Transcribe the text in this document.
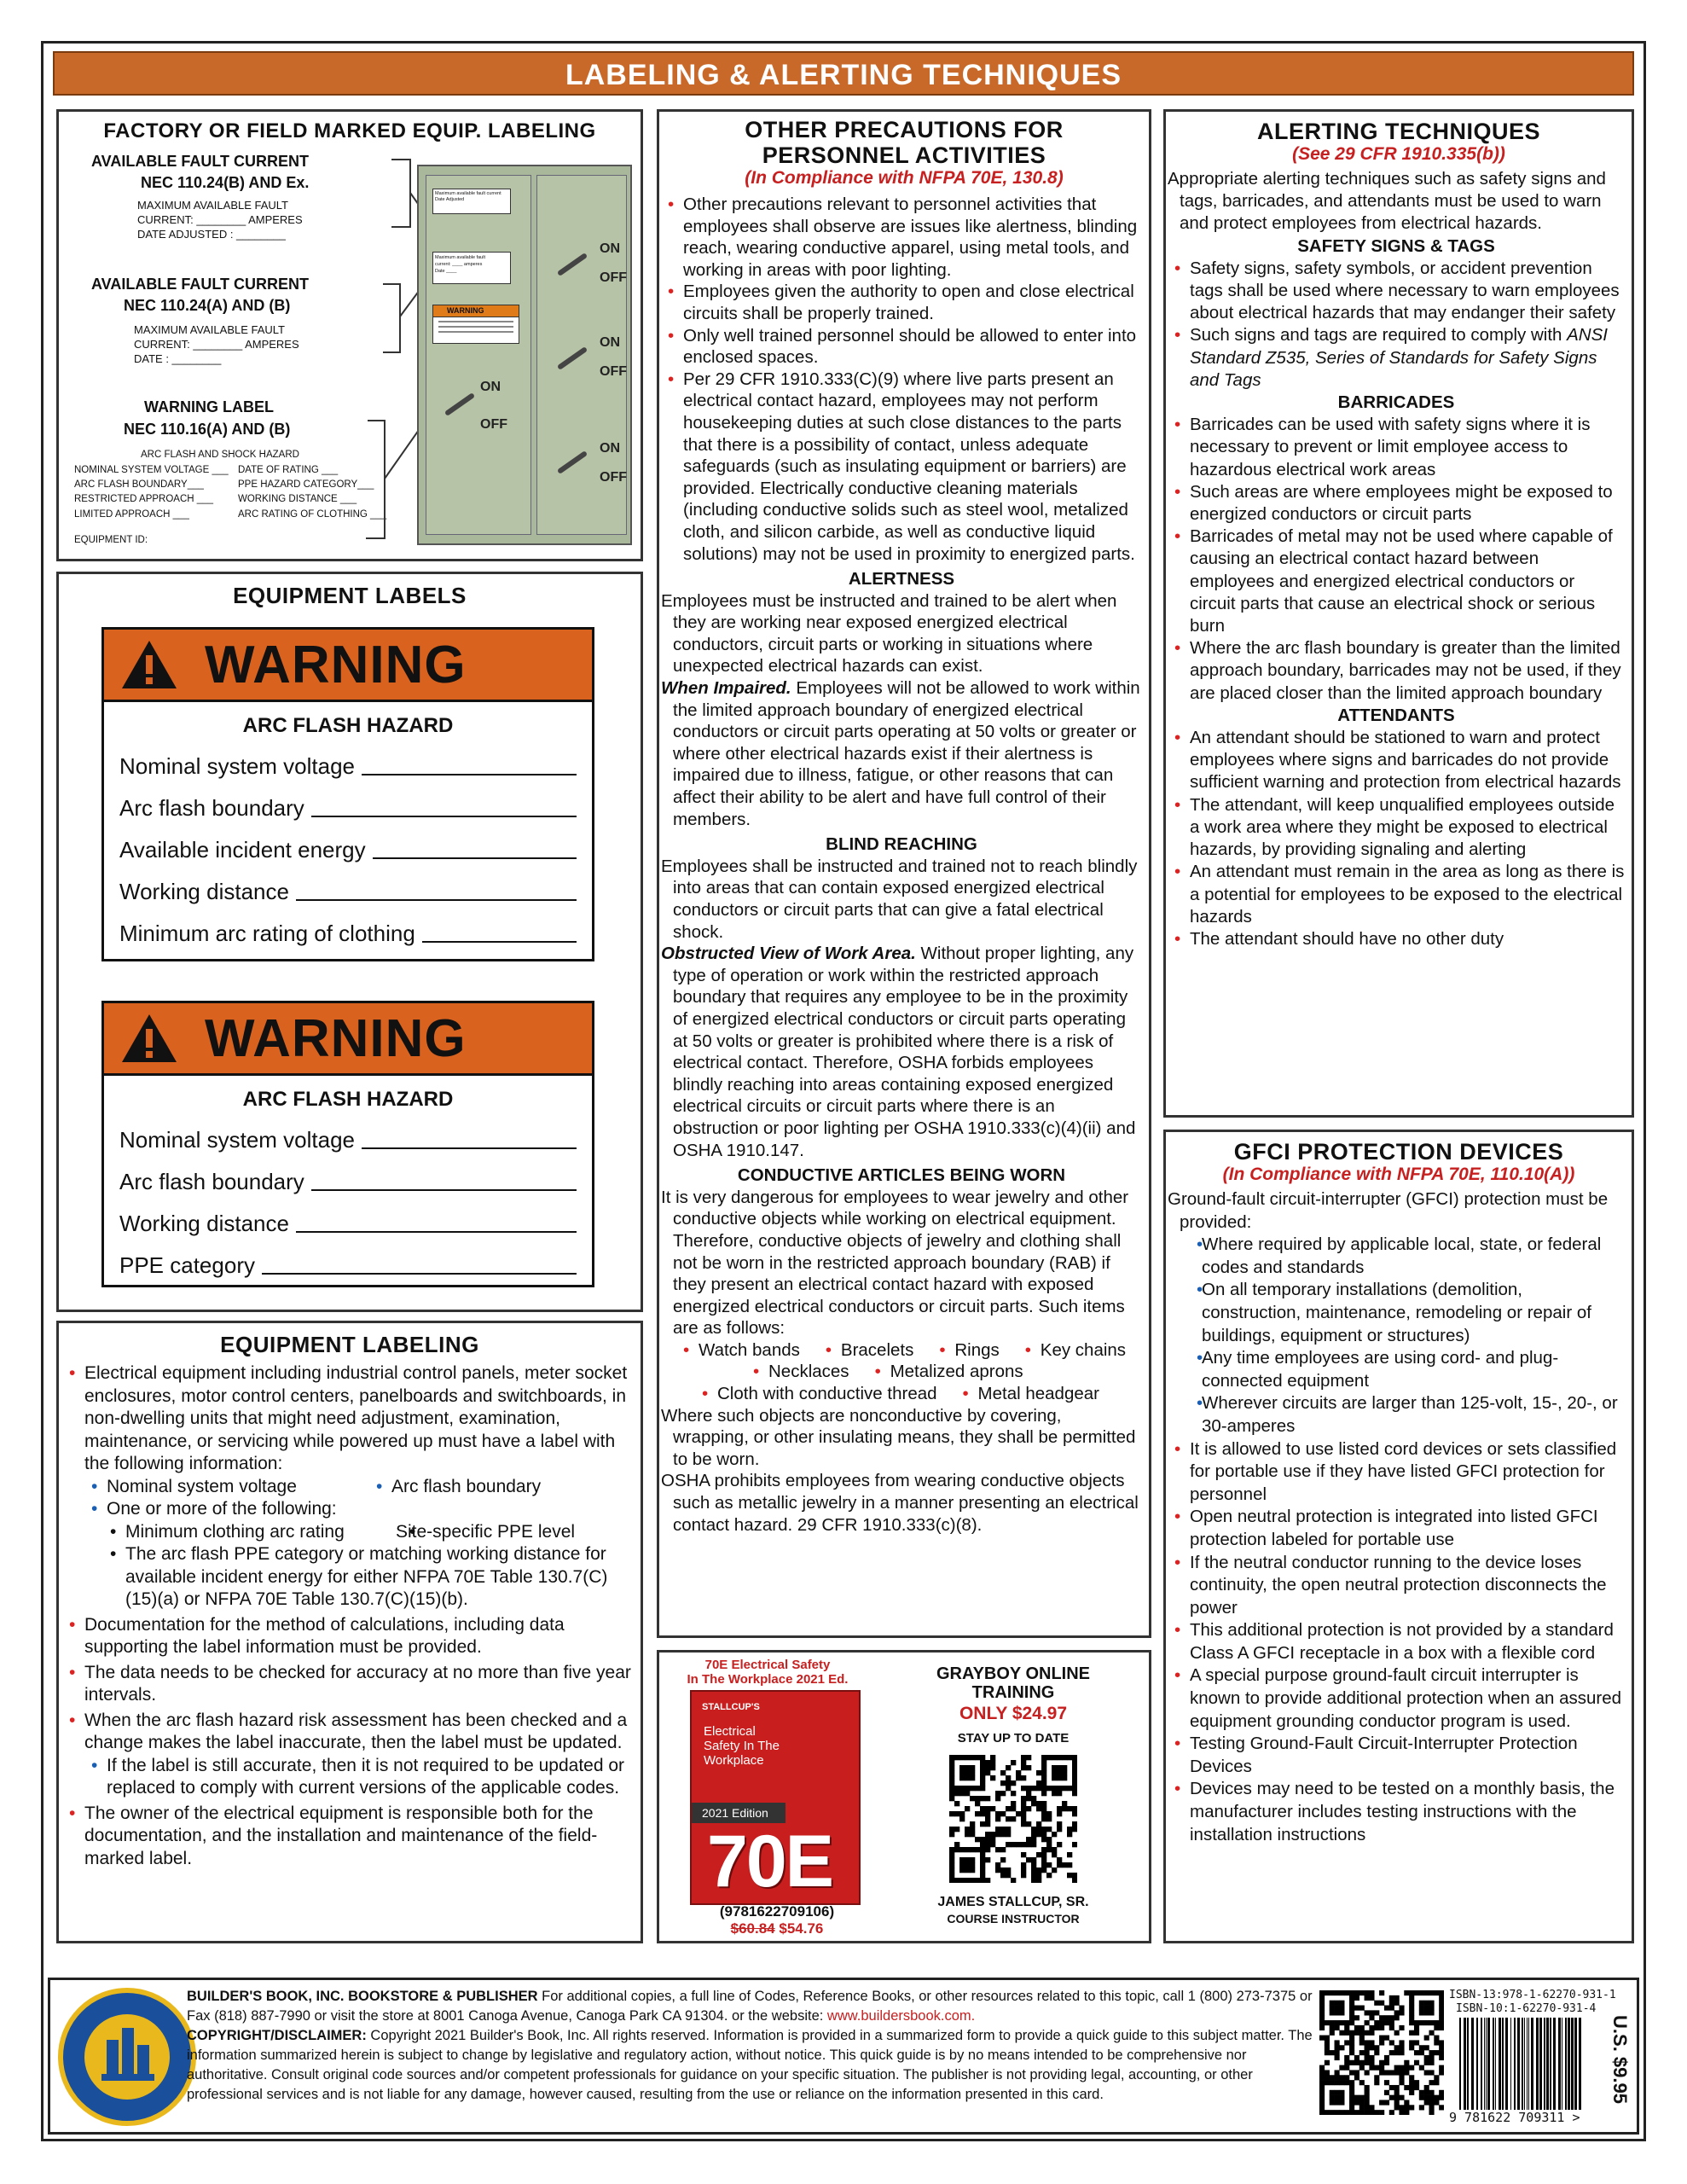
LABELING & ALERTING TECHNIQUES
FACTORY OR FIELD MARKED EQUIP. LABELING
AVAILABLE FAULT CURRENT
NEC 110.24(B) AND Ex.
MAXIMUM AVAILABLE FAULT
CURRENT: ________ AMPERES
DATE ADJUSTED : ________
AVAILABLE FAULT CURRENT
NEC 110.24(A) AND (B)
MAXIMUM AVAILABLE FAULT
CURRENT: ________ AMPERES
DATE : ________
WARNING LABEL
NEC 110.16(A) AND (B)
ARC FLASH AND SHOCK HAZARD
NOMINAL SYSTEM VOLTAGE ___ DATE OF RATING ___
ARC FLASH BOUNDARY___	PPE HAZARD CATEGORY___
RESTRICTED APPROACH ___	WORKING DISTANCE ___
LIMITED APPROACH ___	ARC RATING OF CLOTHING ___
EQUIPMENT ID:
Maximum available fault current
Date Adjusted
Maximum available fault
current: ____ amperes
Date ____
WARNING
ON
OFF
ON
OFF
ON
OFF
ON
OFF
EQUIPMENT LABELS
WARNING
ARC FLASH HAZARD
Nominal system voltage
Arc flash boundary
Available incident energy
Working distance
Minimum arc rating of clothing
WARNING
ARC FLASH HAZARD
Nominal system voltage
Arc flash boundary
Working distance
PPE category
EQUIPMENT LABELING
• Electrical equipment including industrial control panels, meter socket enclosures, motor control centers, panelboards and switchboards, in non-dwelling units that might need adjustment, examination, maintenance, or servicing while powered up must have a label with the following information:
• Nominal system voltage	• Arc flash boundary
• One or more of the following:
• Minimum clothing arc rating	• Site-specific PPE level
• The arc flash PPE category or matching working distance for available incident energy for either NFPA 70E Table 130.7(C)(15)(a) or NFPA 70E Table 130.7(C)(15)(b).
• Documentation for the method of calculations, including data supporting the label information must be provided.
• The data needs to be checked for accuracy at no more than five year intervals.
• When the arc flash hazard risk assessment has been checked and a change makes the label inaccurate, then the label must be updated.
• If the label is still accurate, then it is not required to be updated or replaced to comply with current versions of the applicable codes.
• The owner of the electrical equipment is responsible both for the documentation, and the installation and maintenance of the field-marked label.
OTHER PRECAUTIONS FOR
PERSONNEL ACTIVITIES
(In Compliance with NFPA 70E, 130.8)
• Other precautions relevant to personnel activities that employees shall observe are issues like alertness, blinding reach, wearing conductive apparel, using metal tools, and working in areas with poor lighting.
• Employees given the authority to open and close electrical circuits shall be properly trained.
• Only well trained personnel should be allowed to enter into enclosed spaces.
• Per 29 CFR 1910.333(C)(9) where live parts present an electrical contact hazard, employees may not perform housekeeping duties at such close distances to the parts that there is a possibility of contact, unless adequate safeguards (such as insulating equipment or barriers) are provided. Electrically conductive cleaning materials (including conductive solids such as steel wool, metalized cloth, and silicon carbide, as well as conductive liquid solutions) may not be used in proximity to energized parts.
ALERTNESS
Employees must be instructed and trained to be alert when they are working near exposed energized electrical conductors, circuit parts or working in situations where unexpected electrical hazards can exist.
When Impaired. Employees will not be allowed to work within the limited approach boundary of energized electrical conductors or circuit parts operating at 50 volts or greater or where other electrical hazards exist if their alertness is impaired due to illness, fatigue, or other reasons that can affect their ability to be alert and have full control of their members.
BLIND REACHING
Employees shall be instructed and trained not to reach blindly into areas that can contain exposed energized electrical conductors or circuit parts that can give a fatal electrical shock.
Obstructed View of Work Area. Without proper lighting, any type of operation or work within the restricted approach boundary that requires any employee to be in the proximity of energized electrical conductors or circuit parts operating at 50 volts or greater is prohibited where there is a risk of electrical contact. Therefore, OSHA forbids employees blindly reaching into areas containing exposed energized electrical circuits or circuit parts where there is an obstruction or poor lighting per OSHA 1910.333(c)(4)(ii) and OSHA 1910.147.
CONDUCTIVE ARTICLES BEING WORN
It is very dangerous for employees to wear jewelry and other conductive objects while working on electrical equipment. Therefore, conductive objects of jewelry and clothing shall not be worn in the restricted approach boundary (RAB) if they present an electrical contact hazard with exposed energized electrical conductors or circuit parts. Such items are as follows:
• Watch bands	• Bracelets	• Rings	• Key chains
• Necklaces	• Metalized aprons
• Cloth with conductive thread	• Metal headgear
Where such objects are nonconductive by covering, wrapping, or other insulating means, they shall be permitted to be worn.
OSHA prohibits employees from wearing conductive objects such as metallic jewelry in a manner presenting an electrical contact hazard. 29 CFR 1910.333(c)(8).
70E Electrical Safety
In The Workplace 2021 Ed.
STALLCUP'S
Electrical
Safety In The
Workplace
2021 Edition
70E
(9781622709106)
$60.84 $54.76
GRAYBOY ONLINE
TRAINING
ONLY $24.97
STAY UP TO DATE
JAMES STALLCUP, SR.
COURSE INSTRUCTOR
ALERTING TECHNIQUES
(See 29 CFR 1910.335(b))
Appropriate alerting techniques such as safety signs and tags, barricades, and attendants must be used to warn and protect employees from electrical hazards.
SAFETY SIGNS & TAGS
• Safety signs, safety symbols, or accident prevention tags shall be used where necessary to warn employees about electrical hazards that may endanger their safety
• Such signs and tags are required to comply with ANSI Standard Z535, Series of Standards for Safety Signs and Tags
BARRICADES
• Barricades can be used with safety signs where it is necessary to prevent or limit employee access to hazardous electrical work areas
• Such areas are where employees might be exposed to energized conductors or circuit parts
• Barricades of metal may not be used where capable of causing an electrical contact hazard between employees and energized electrical conductors or circuit parts that cause an electrical shock or serious burn
• Where the arc flash boundary is greater than the limited approach boundary, barricades may not be used, if they are placed closer than the limited approach boundary
ATTENDANTS
• An attendant should be stationed to warn and protect employees where signs and barricades do not provide sufficient warning and protection from electrical hazards
• The attendant, will keep unqualified employees outside a work area where they might be exposed to electrical hazards, by providing signaling and alerting
• An attendant must remain in the area as long as there is a potential for employees to be exposed to the electrical hazards
• The attendant should have no other duty
GFCI PROTECTION DEVICES
(In Compliance with NFPA 70E, 110.10(A))
Ground-fault circuit-interrupter (GFCI) protection must be provided:
• Where required by applicable local, state, or federal codes and standards
• On all temporary installations (demolition, construction, maintenance, remodeling or repair of buildings, equipment or structures)
• Any time employees are using cord- and plug-connected equipment
• Wherever circuits are larger than 125-volt, 15-, 20-, or 30-amperes
• It is allowed to use listed cord devices or sets classified for portable use if they have listed GFCI protection for personnel
• Open neutral protection is integrated into listed GFCI protection labeled for portable use
• If the neutral conductor running to the device loses continuity, the open neutral protection disconnects the power
• This additional protection is not provided by a standard Class A GFCI receptacle in a box with a flexible cord
• A special purpose ground-fault circuit interrupter is known to provide additional protection when an assured equipment grounding conductor program is used.
• Testing Ground-Fault Circuit-Interrupter Protection Devices
• Devices may need to be tested on a monthly basis, the manufacturer includes testing instructions with the installation instructions
BUILDER'S BOOK, INC. BOOKSTORE & PUBLISHER For additional copies, a full line of Codes, Reference Books, or other resources related to this topic, call 1 (800) 273-7375 or Fax (818) 887-7990 or visit the store at 8001 Canoga Avenue, Canoga Park CA 91304. or the website: www.buildersbook.com.
COPYRIGHT/DISCLAIMER: Copyright 2021 Builder's Book, Inc. All rights reserved. Information is provided in a summarized form to provide a quick guide to this subject matter. The information summarized herein is subject to change by legislative and regulatory action, without notice. This quick guide is by no means intended to be comprehensive nor authoritative. Consult original code sources and/or competent professionals for guidance on your specific situation. The publisher is not providing legal, accounting, or other professional services and is not liable for any damage, however caused, resulting from the use or reliance on the information presented in this card.
ISBN-13:978-1-62270-931-1
ISBN-10:1-62270-931-4
9 781622 709311 >
U.S. $9.95
